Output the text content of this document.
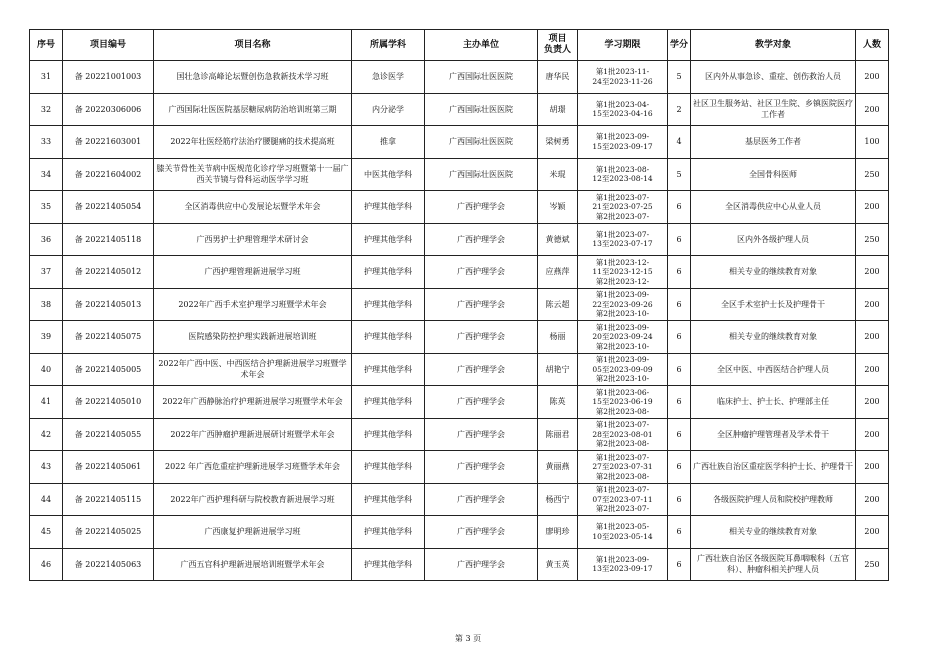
序号	项目编号	项目名称	所属学科	主办单位	项目
负责人	学习期限	学分	教学对象	人数
31	备 20221001003	国壮急诊高峰论坛暨创伤急救新技术学习班	急诊医学	广西国际壮医医院	唐华民	第1批2023-11-
24至2023-11-26	5	区内外从事急诊、重症、创伤救治人员	200
32	备 20220306006	广西国际壮医医院基层糖尿病防治培训班第三期	内分泌学	广西国际壮医医院	胡璟	第1批2023-04-
15至2023-04-16	2	社区卫生服务站、社区卫生院、乡镇医院医疗工作者	200
33	备 20221603001	2022年壮医经筋疗法治疗腰腿痛的技术提高班	推拿	广西国际壮医医院	梁树勇	第1批2023-09-
15至2023-09-17	4	基层医务工作者	100
34	备 20221604002	膝关节骨性关节病中医规范化诊疗学习班暨第十一届广西关节镜与骨科运动医学学习班	中医其他学科	广西国际壮医医院	米琨	第1批2023-08-
12至2023-08-14	5	全国骨科医师	250
35	备 20221405054	全区消毒供应中心发展论坛暨学术年会	护理其他学科	广西护理学会	岑颖	第1批2023-07-
21至2023-07-25
第2批2023-07-	6	全区消毒供应中心从业人员	200
36	备 20221405118	广西男护士护理管理学术研讨会	护理其他学科	广西护理学会	黄德斌	第1批2023-07-
13至2023-07-17	6	区内外各级护理人员	250
37	备 20221405012	广西护理管理新进展学习班	护理其他学科	广西护理学会	应燕萍	第1批2023-12-
11至2023-12-15
第2批2023-12-	6	相关专业的继续教育对象	200
38	备 20221405013	2022年广西手术室护理学习班暨学术年会	护理其他学科	广西护理学会	陈云超	第1批2023-09-
22至2023-09-26
第2批2023-10-	6	全区手术室护士长及护理骨干	200
39	备 20221405075	医院感染防控护理实践新进展培训班	护理其他学科	广西护理学会	杨丽	第1批2023-09-
20至2023-09-24
第2批2023-10-	6	相关专业的继续教育对象	200
40	备 20221405005	2022年广西中医、中西医结合护理新进展学习班暨学术年会	护理其他学科	广西护理学会	胡艳宁	第1批2023-09-
05至2023-09-09
第2批2023-10-	6	全区中医、中西医结合护理人员	200
41	备 20221405010	2022年广西静脉治疗护理新进展学习班暨学术年会	护理其他学科	广西护理学会	陈英	第1批2023-06-
15至2023-06-19
第2批2023-08-	6	临床护士、护士长、护理部主任	200
42	备 20221405055	2022年广西肿瘤护理新进展研讨班暨学术年会	护理其他学科	广西护理学会	陈丽君	第1批2023-07-
28至2023-08-01
第2批2023-08-	6	全区肿瘤护理管理者及学术骨干	200
43	备 20221405061	2022 年广西危重症护理新进展学习班暨学术年会	护理其他学科	广西护理学会	黄丽燕	第1批2023-07-
27至2023-07-31
第2批2023-08-	6	广西壮族自治区重症医学科护士长、护理骨干	200
44	备 20221405115	2022年广西护理科研与院校教育新进展学习班	护理其他学科	广西护理学会	杨西宁	第1批2023-07-
07至2023-07-11
第2批2023-07-	6	各级医院护理人员和院校护理教师	200
45	备 20221405025	广西康复护理新进展学习班	护理其他学科	广西护理学会	廖明珍	第1批2023-05-
10至2023-05-14	6	相关专业的继续教育对象	200
46	备 20221405063	广西五官科护理新进展培训班暨学术年会	护理其他学科	广西护理学会	黄玉英	第1批2023-09-
13至2023-09-17	6	广西壮族自治区各级医院耳鼻咽喉科（五官科）、肿瘤科相关护理人员	250
第 3 页
